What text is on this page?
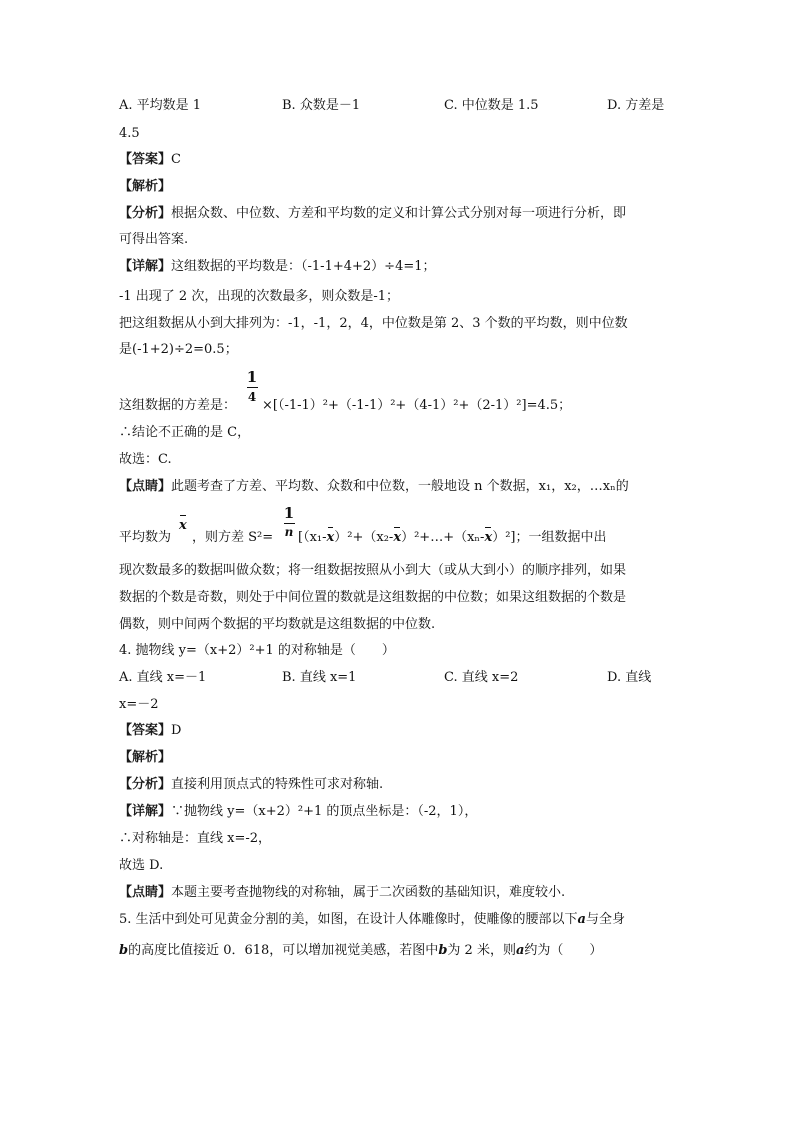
A. 平均数是 1	B. 众数是－1	C. 中位数是 1.5	D. 方差是
4.5
【答案】C
【解析】
【分析】根据众数、中位数、方差和平均数的定义和计算公式分别对每一项进行分析，即
可得出答案.
【详解】这组数据的平均数是：（-1-1+4+2）÷4=1；
-1 出现了 2 次，出现的次数最多，则众数是-1；
把这组数据从小到大排列为：-1，-1，2，4，中位数是第 2、3 个数的平均数，则中位数
是(-1+2)÷2=0.5；
1
4
这组数据的方差是： ×[（-1-1）²+（-1-1）²+（4-1）²+（2-1）²]=4.5；
∴结论不正确的是 C，
故选：C.
【点睛】此题考查了方差、平均数、众数和中位数，一般地设 n 个数据，x₁，x₂，…xₙ的
平均数为
x
，则方差 S²=
1
n [（x₁-x）²+（x₂-x）²+…+（xₙ-x）²]；一组数据中出
现次数最多的数据叫做众数；将一组数据按照从小到大（或从大到小）的顺序排列，如果
数据的个数是奇数，则处于中间位置的数就是这组数据的中位数；如果这组数据的个数是
偶数，则中间两个数据的平均数就是这组数据的中位数.
4. 抛物线 y=（x+2）²+1 的对称轴是（　　）
A. 直线 x=－1	B. 直线 x=1	C. 直线 x=2	D. 直线
x=－2
【答案】D
【解析】
【分析】直接利用顶点式的特殊性可求对称轴.
【详解】∵抛物线 y=（x+2）²+1 的顶点坐标是：（-2，1），
∴对称轴是：直线 x=-2，
故选 D.
【点睛】本题主要考查抛物线的对称轴，属于二次函数的基础知识，难度较小.
5. 生活中到处可见黄金分割的美，如图，在设计人体雕像时，使雕像的腰部以下a与全身
b的高度比值接近 0．618，可以增加视觉美感，若图中b为 2 米，则a约为（　　）
